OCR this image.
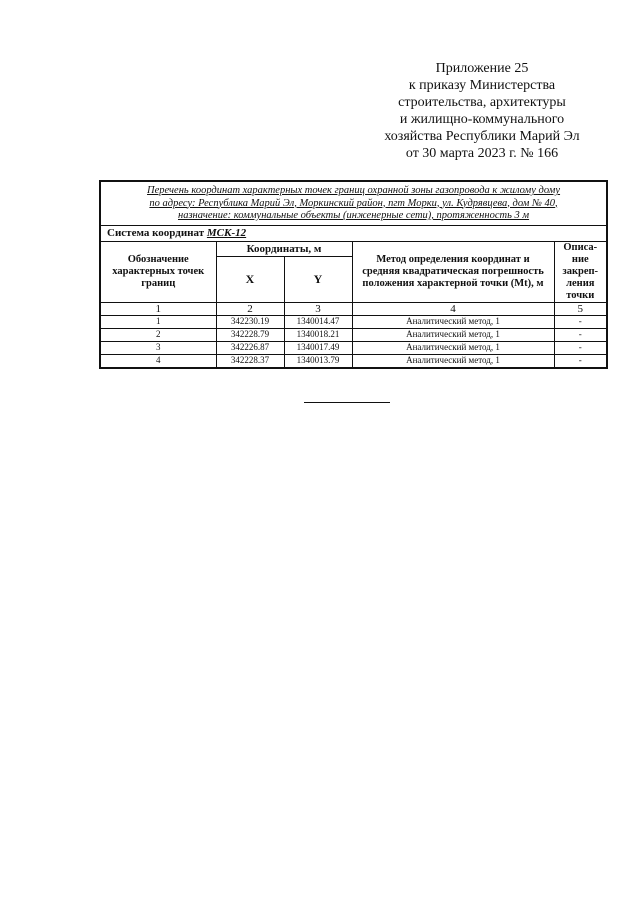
Приложение 25
к приказу Министерства
строительства, архитектуры
и жилищно-коммунального
хозяйства Республики Марий Эл
от 30 марта 2023 г. № 166
Перечень координат характерных точек границ охранной зоны газопровода к жилому дому
по адресу: Республика Марий Эл, Моркинский район, пгт Морки, ул. Кудрявцева, дом № 40,
назначение: коммунальные объекты (инженерные сети), протяженность 3 м				
Система координат МСК-12				
Обозначение характерных точек границ	Координаты, м		Метод определения координат и средняя квадратическая погрешность положения характерной точки (Mt), м	Описа-ние закреп-ления точки
	X	Y		
1	2	3	4	5
1	342230.19	1340014.47	Аналитический метод, 1	-
2	342228.79	1340018.21	Аналитический метод, 1	-
3	342226.87	1340017.49	Аналитический метод, 1	-
4	342228.37	1340013.79	Аналитический метод, 1	-
